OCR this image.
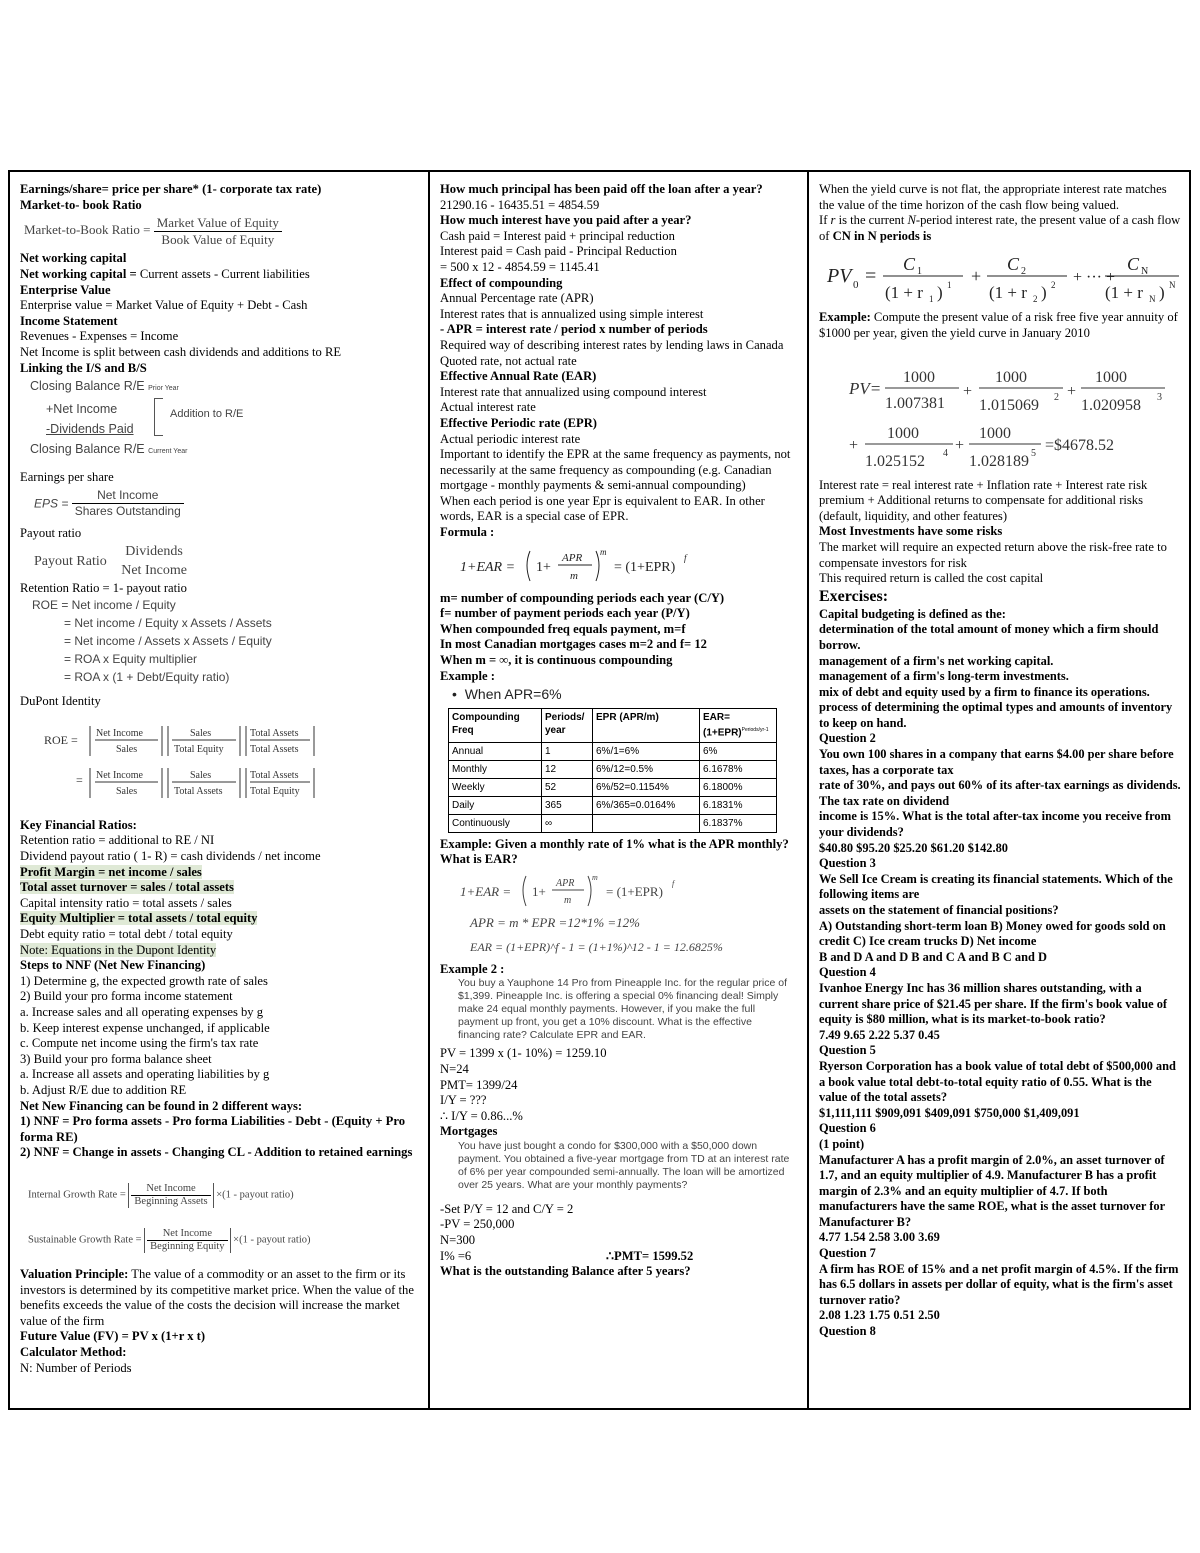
Earnings/share= price per share* (1- corporate tax rate)

Market-to- book Ratio

Market-to-Book Ratio = $\frac{\text{Market Value of Equity}}{\text{Book Value of Equity}}$

Net working capital

Net working capital = Current assets - Current liabilities

Enterprise Value

Enterprise value = Market Value of Equity + Debt - Cash

Income Statement

Revenues - Expenses = Income

Net Income is split between cash dividends and additions to RE

Linking the I/S and B/S

Closing Balance R/E Prior Year
+Net Income
-Dividends Paid
Closing Balance R/E Current Year
Addition to R/E

Earnings per share

EPS = $\frac{\text{Net Income}}{\text{Shares Outstanding}}$

Payout ratio

Payout Ratio
Dividends
Net Income

Retention Ratio = 1- payout ratio

ROE = Net income / Equity
= Net income / Equity x Assets / Assets
= Net income / Assets x Assets / Equity
= ROA x Equity multiplier
= ROA x (1 + Debt/Equity ratio)

DuPont Identity

ROE = Net Income
Sales
Sales
Total Equity
Total Assets
Total Assets
= Net Income
Sales
Sales
Total Assets
Total Assets
Total Equity

Key Financial Ratios:

Retention ratio = additional to RE / NI

Dividend payout ratio ( 1- R) = cash dividends / net income

Profit Margin = net income / sales

Total asset turnover = sales / total assets

Capital intensity ratio = total assets / sales

Equity Multiplier = total assets / total equity

Debt equity ratio = total debt / total equity

Note: Equations in the Dupont Identity

Steps to NNF (Net New Financing)

1) Determine g, the expected growth rate of sales

2) Build your pro forma income statement

a. Increase sales and all operating expenses by g

b. Keep interest expense unchanged, if applicable

c. Compute net income using the firm's tax rate

3) Build your pro forma balance sheet

a. Increase all assets and operating liabilities by g

b. Adjust R/E due to addition RE

Net New Financing can be found in 2 different ways:

1) NNF = Pro forma assets - Pro forma Liabilities - Debt - (Equity + Pro forma RE)

2) NNF = Change in assets - Changing CL - Addition to retained earnings

Internal Growth Rate = $\frac{\text{Net Income}}{\text{Beginning Assets}} \times(1$ - payout ratio)
Sustainable Growth Rate = $\frac{\text{Net Income}}{\text{Beginning Equity}} \times(1$ - payout ratio)

Valuation Principle: The value of a commodity or an asset to the firm or its investors is determined by its competitive market price. When the value of the benefits exceeds the value of the costs the decision will increase the market value of the firm

Future Value (FV) = PV x (1+r x t)

Calculator Method:

N: Number of Periods

How much principal has been paid off the loan after a year?

21290.16 - 16435.51 = 4854.59

How much interest have you paid after a year?

Cash paid = Interest paid + principal reduction

Interest paid = Cash paid - Principal Reduction

= 500 x 12 - 4854.59 = 1145.41

Effect of compounding

Annual Percentage rate (APR)

Interest rates that is annualized using simple interest

- APR = interest rate / period x number of periods

Required way of describing interest rates by lending laws in Canada

Quoted rate, not actual rate

Effective Annual Rate (EAR)

Interest rate that annualized using compound interest

Actual interest rate

Effective Periodic rate (EPR)

Actual periodic interest rate

Important to identify the EPR at the same frequency as payments, not necessarily at the same frequency as compounding (e.g. Canadian mortgage - monthly payments & semi-annual compounding)

When each period is one year Epr is equivalent to EAR. In other words, EAR is a special case of EPR.

Formula :

1+EAR = 1+
APR
m
m
= (1+EPR)
f

m= number of compounding periods each year (C/Y)

f= number of payment periods each year (P/Y)

When compounded freq equals payment, m=f

In most Canadian mortgages cases m=2 and f= 12

When m = ∞, it is continuous compounding

Example :

•  When APR=6%

Compounding Freq	Periods/ year	EPR (APR/m)	$EAR= (1+EPR)^{Periods/yr-1}$
Annual	1	6%/1=6%	6%
Monthly	12	6%/12=0.5%	6.1678%
Weekly	52	6%/52=0.1154%	6.1800%
Daily	365	6%/365=0.0164%	6.1831%
Continuously	∞		6.1837%

Example: Given a monthly rate of 1% what is the APR monthly? What is EAR?

1+EAR = 1+
APR
m
m
= (1+EPR)
f

APR = m * EPR =12*1% =12%

EAR = (1+EPR)^f - 1 = (1+1%)^12 - 1 = 12.6825%

Example 2 :

You buy a Yauphone 14 Pro from Pineapple Inc. for the regular price of $1,399. Pineapple Inc. is offering a special 0% financing deal! Simply make 24 equal monthly payments. However, if you make the full payment up front, you get a 10% discount. What is the effective financing rate? Calculate EPR and EAR.

PV = 1399 x (1- 10%) = 1259.10

N=24

PMT= 1399/24

I/Y = ???

∴ I/Y = 0.86...%

Mortgages

You have just bought a condo for $300,000 with a $50,000 down payment. You obtained a five-year mortgage from TD at an interest rate of 6% per year compounded semi-annually. The loan will be amortized over 25 years. What are your monthly payments?

-Set P/Y = 12 and C/Y = 2

-PV = 250,000

N=300

I% =6	∴PMT= 1599.52

What is the outstanding Balance after 5 years?

When the yield curve is not flat, the appropriate interest rate matches the value of the time horizon of the cash flow being valued.

If r is the current N-period interest rate, the present value of a cash flow of CN in N periods is

PV 0 =
C 1
(1 + r 1 ) 1 +
C 2
(1 + r 2 ) 2 + ··· +
C N
(1 + r N ) N

Example: Compute the present value of a risk free five year annuity of $1000 per year, given the yield curve in January 2010

PV=
1000
1.007381
+
1000
1.015069 2 +
1000
1.020958 3
+
1000
1.025152 4 +
1000
1.028189 5 =$4678.52

Interest rate = real interest rate + Inflation rate + Interest rate risk premium + Additional returns to compensate for additional risks (default, liquidity, and other features)

Most Investments have some risks

The market will require an expected return above the risk-free rate to compensate investors for risk

This required return is called the cost capital

Exercises:

Capital budgeting is defined as the:

determination of the total amount of money which a firm should borrow.

management of a firm's net working capital.

management of a firm's long-term investments.

mix of debt and equity used by a firm to finance its operations.

process of determining the optimal types and amounts of inventory to keep on hand.

Question 2

You own 100 shares in a company that earns $4.00 per share before taxes, has a corporate tax

rate of 30%, and pays out 60% of its after-tax earnings as dividends. The tax rate on dividend

income is 15%. What is the total after-tax income you receive from your dividends?

$40.80 $95.20 $25.20 $61.20 $142.80

Question 3

We Sell Ice Cream is creating its financial statements. Which of the following items are

assets on the statement of financial positions?

A) Outstanding short-term loan B) Money owed for goods sold on credit C) Ice cream trucks D) Net income

B and D A and D B and C A and B C and D

Question 4

Ivanhoe Energy Inc has 36 million shares outstanding, with a current share price of $21.45 per share. If the firm's book value of equity is $80 million, what is its market-to-book ratio?

7.49 9.65 2.22 5.37 0.45

Question 5

Ryerson Corporation has a book value of total debt of $500,000 and a book value total debt-to-total equity ratio of 0.55. What is the value of the total assets?

$1,111,111 $909,091 $409,091 $750,000 $1,409,091

Question 6

(1 point)

Manufacturer A has a profit margin of 2.0%, an asset turnover of 1.7, and an equity multiplier of 4.9. Manufacturer B has a profit margin of 2.3% and an equity multiplier of 4.7. If both manufacturers have the same ROE, what is the asset turnover for Manufacturer B?

4.77 1.54 2.58 3.00 3.69

Question 7

A firm has ROE of 15% and a net profit margin of 4.5%. If the firm has 6.5 dollars in assets per dollar of equity, what is the firm's asset turnover ratio?

2.08 1.23 1.75 0.51 2.50

Question 8
